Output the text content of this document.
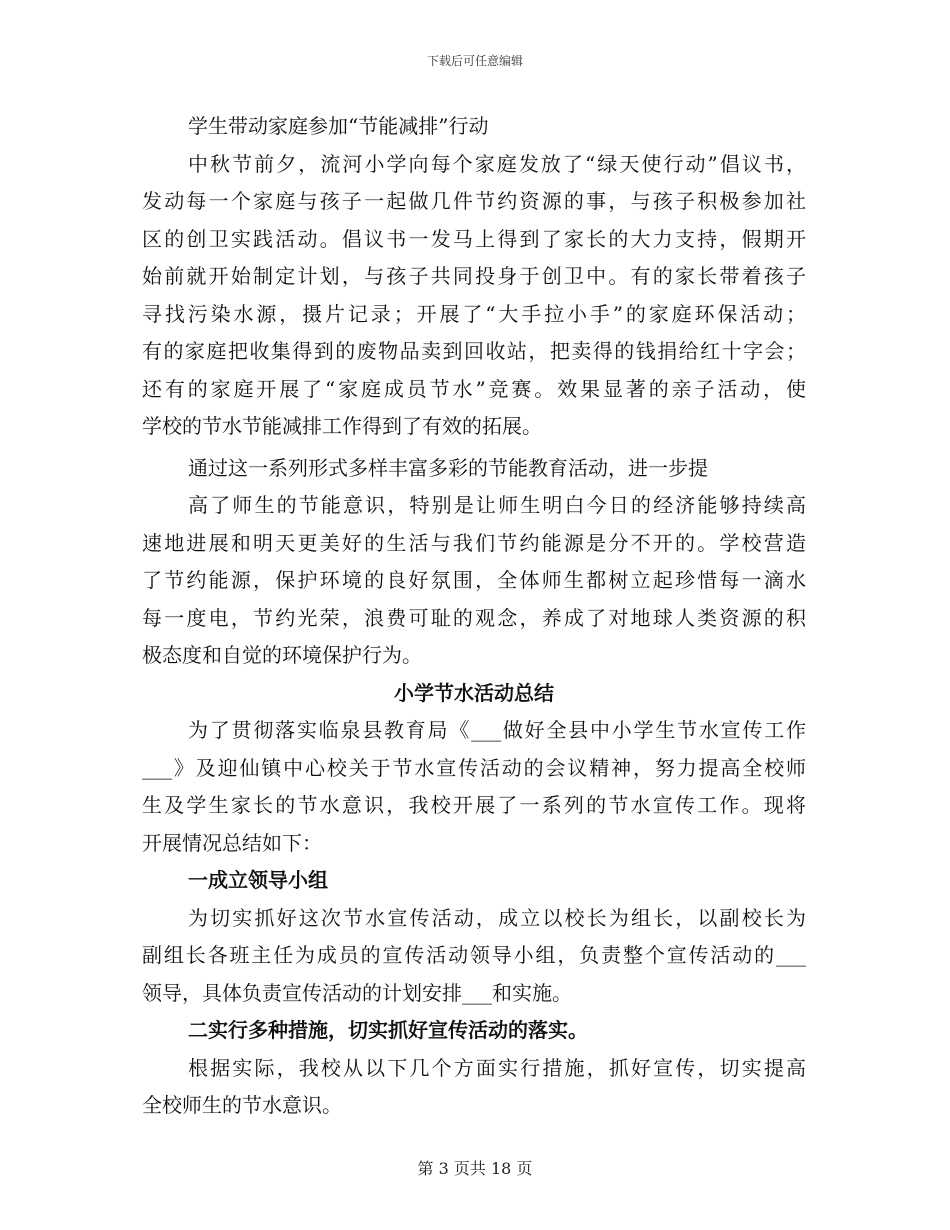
下载后可任意编辑
学生带动家庭参加“节能减排”行动
中秋节前夕，流河小学向每个家庭发放了“绿天使行动”倡议书，
发动每一个家庭与孩子一起做几件节约资源的事，与孩子积极参加社
区的创卫实践活动。倡议书一发马上得到了家长的大力支持，假期开
始前就开始制定计划，与孩子共同投身于创卫中。有的家长带着孩子
寻找污染水源，摄片记录；开展了“大手拉小手”的家庭环保活动；
有的家庭把收集得到的废物品卖到回收站，把卖得的钱捐给红十字会；
还有的家庭开展了“家庭成员节水”竞赛。效果显著的亲子活动，使
学校的节水节能减排工作得到了有效的拓展。
通过这一系列形式多样丰富多彩的节能教育活动，进一步提
高了师生的节能意识，特别是让师生明白今日的经济能够持续高
速地进展和明天更美好的生活与我们节约能源是分不开的。学校营造
了节约能源，保护环境的良好氛围，全体师生都树立起珍惜每一滴水
每一度电，节约光荣，浪费可耻的观念，养成了对地球人类资源的积
极态度和自觉的环境保护行为。
小学节水活动总结
为了贯彻落实临泉县教育局《___做好全县中小学生节水宣传工作
___》及迎仙镇中心校关于节水宣传活动的会议精神，努力提高全校师
生及学生家长的节水意识，我校开展了一系列的节水宣传工作。现将
开展情况总结如下：
一成立领导小组
为切实抓好这次节水宣传活动，成立以校长为组长，以副校长为
副组长各班主任为成员的宣传活动领导小组，负责整个宣传活动的___
领导，具体负责宣传活动的计划安排___和实施。
二实行多种措施，切实抓好宣传活动的落实。
根据实际，我校从以下几个方面实行措施，抓好宣传，切实提高
全校师生的节水意识。
第 3 页共 18 页
